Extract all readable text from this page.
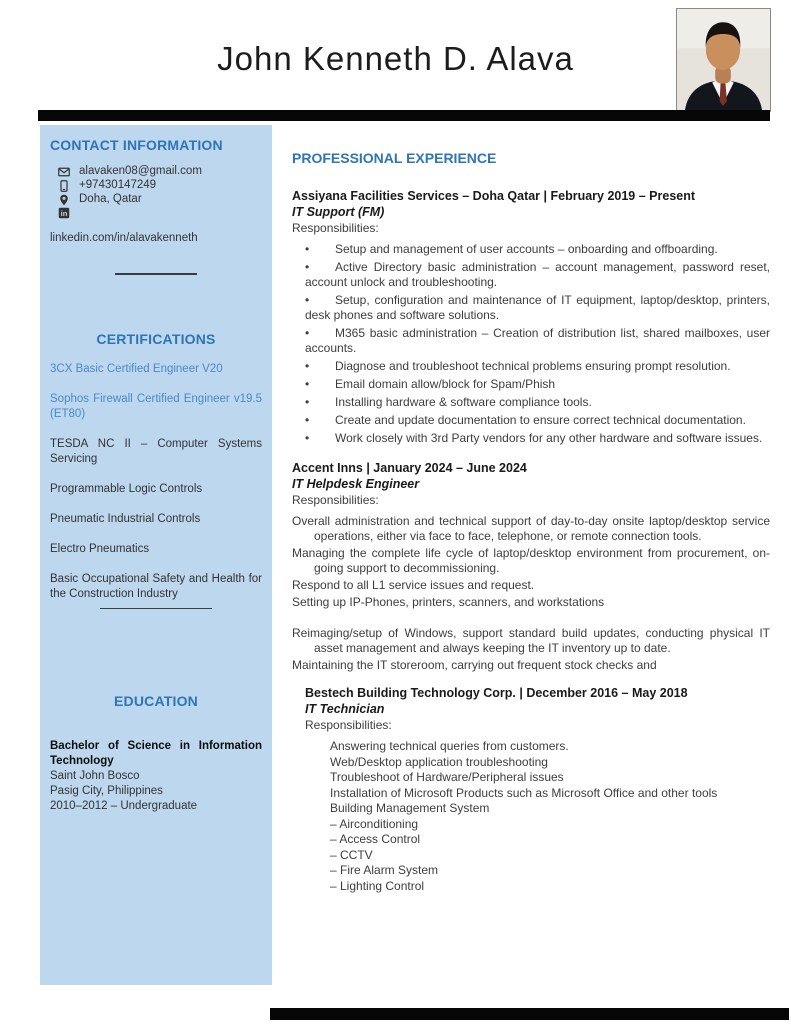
John Kenneth D. Alava
CONTACT INFORMATION
alavaken08@gmail.com
+97430147249
Doha, Qatar
in
linkedin.com/in/alavakenneth
CERTIFICATIONS
3CX Basic Certified Engineer V20
Sophos Firewall Certified Engineer v19.5 (ET80)
TESDA NC II – Computer Systems Servicing
Programmable Logic Controls
Pneumatic Industrial Controls
Electro Pneumatics
Basic Occupational Safety and Health for the Construction Industry
EDUCATION
Bachelor of Science in Information Technology
Saint John Bosco
Pasig City, Philippines
2010–2012 – Undergraduate
PROFESSIONAL EXPERIENCE
Assiyana Facilities Services – Doha Qatar | February 2019 – Present
IT Support (FM)
Responsibilities:
• Setup and management of user accounts – onboarding and offboarding.
• Active Directory basic administration – account management, password reset, account unlock and troubleshooting.
• Setup, configuration and maintenance of IT equipment, laptop/desktop, printers, desk phones and software solutions.
• M365 basic administration – Creation of distribution list, shared mailboxes, user accounts.
• Diagnose and troubleshoot technical problems ensuring prompt resolution.
• Email domain allow/block for Spam/Phish
• Installing hardware & software compliance tools.
• Create and update documentation to ensure correct technical documentation.
• Work closely with 3rd Party vendors for any other hardware and software issues.
Accent Inns | January 2024 – June 2024
IT Helpdesk Engineer
Responsibilities:
Overall administration and technical support of day-to-day onsite laptop/desktop service operations, either via face to face, telephone, or remote connection tools.
Managing the complete life cycle of laptop/desktop environment from procurement, on-going support to decommissioning.
Respond to all L1 service issues and request.
Setting up IP-Phones, printers, scanners, and workstations
Reimaging/setup of Windows, support standard build updates, conducting physical IT asset management and always keeping the IT inventory up to date.
Maintaining the IT storeroom, carrying out frequent stock checks and
Bestech Building Technology Corp. | December 2016 – May 2018
IT Technician
Responsibilities:
Answering technical queries from customers.
Web/Desktop application troubleshooting
Troubleshoot of Hardware/Peripheral issues
Installation of Microsoft Products such as Microsoft Office and other tools
Building Management System
– Airconditioning
– Access Control
– CCTV
– Fire Alarm System
– Lighting Control
